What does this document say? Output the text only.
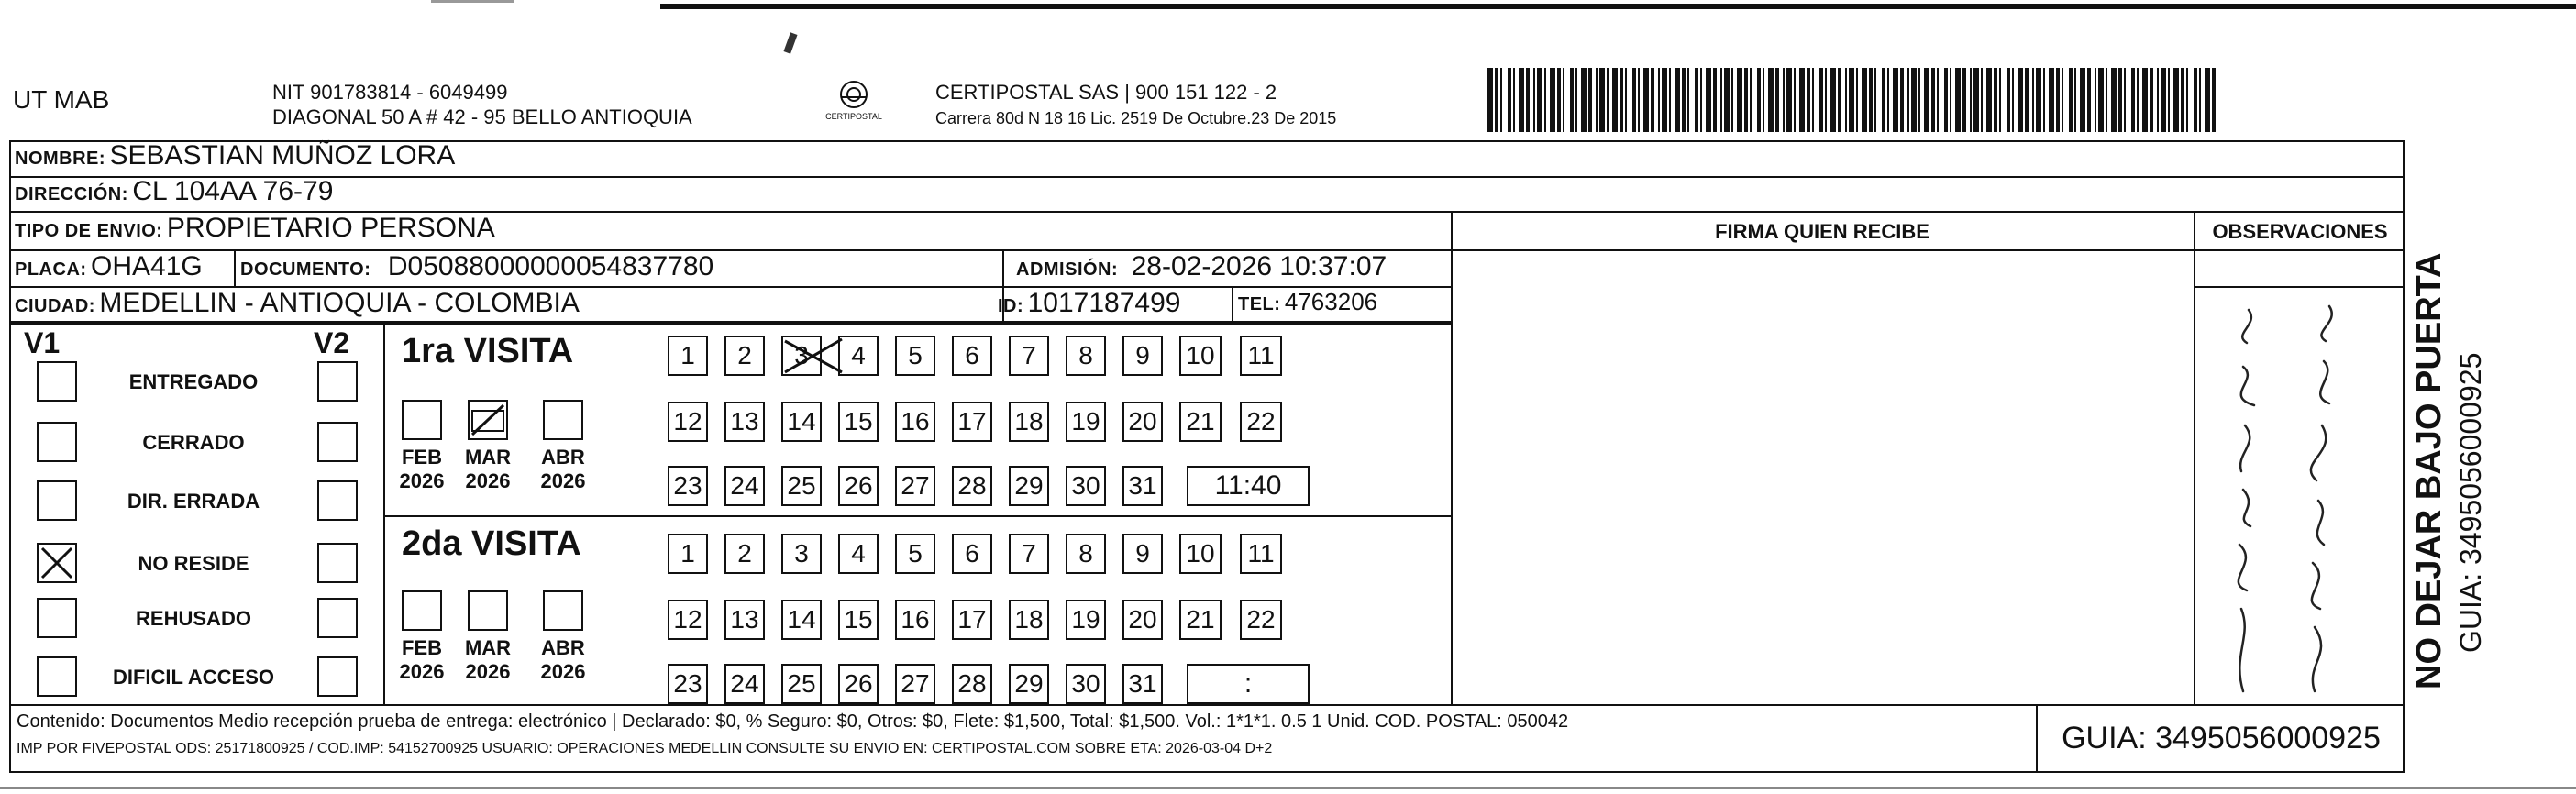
UT MAB	NIT 901783814 - 6049499
DIAGONAL 50 A # 42 - 95 BELLO ANTIOQUIA	CERTIPOSTAL
CERTIPOSTAL SAS | 900 151 122 - 2
Carrera 80d N 18 16 Lic. 2519 De Octubre.23 De 2015
NOMBRE: SEBASTIAN MUÑOZ LORA
DIRECCIÓN: CL 104AA 76-79
TIPO DE ENVIO: PROPIETARIO PERSONA	FIRMA QUIEN RECIBE	OBSERVACIONES
PLACA: OHA41G DOCUMENTO: D05088000000054837780	ADMISIÓN: 28-02-2026 10:37:07
CIUDAD: MEDELLIN - ANTIOQUIA - COLOMBIA	ID: 1017187499	TEL: 4763206
V1	V2
ENTREGADO
CERRADO
DIR. ERRADA
NO RESIDE
REHUSADO
DIFICIL ACCESO
1ra VISITA
FEB
2026
MAR
2026
ABR
2026
1	2	3	4	5	6	7	8	9	10	11
12 13 14 15 16 17 18 19 20 21 22
23 24 25 26 27 28 29 30 31	11:40
2da VISITA
FEB
2026
MAR
2026
ABR
2026
1	2	3	4	5	6	7	8	9	10	11
12 13 14 15 16 17 18 19 20 21 22
23 24 25 26 27 28 29 30 31	:
Contenido: Documentos Medio recepción prueba de entrega: electrónico | Declarado: $0, % Seguro: $0, Otros: $0, Flete: $1,500, Total: $1,500. Vol.: 1*1*1. 0.5 1 Unid. COD. POSTAL: 050042
IMP POR FIVEPOSTAL ODS: 25171800925 / COD.IMP: 54152700925 USUARIO: OPERACIONES MEDELLIN CONSULTE SU ENVIO EN: CERTIPOSTAL.COM SOBRE ETA: 2026-03-04 D+2	GUIA: 3495056000925
NO DEJAR BAJO PUERTA GUIA: 3495056000925
